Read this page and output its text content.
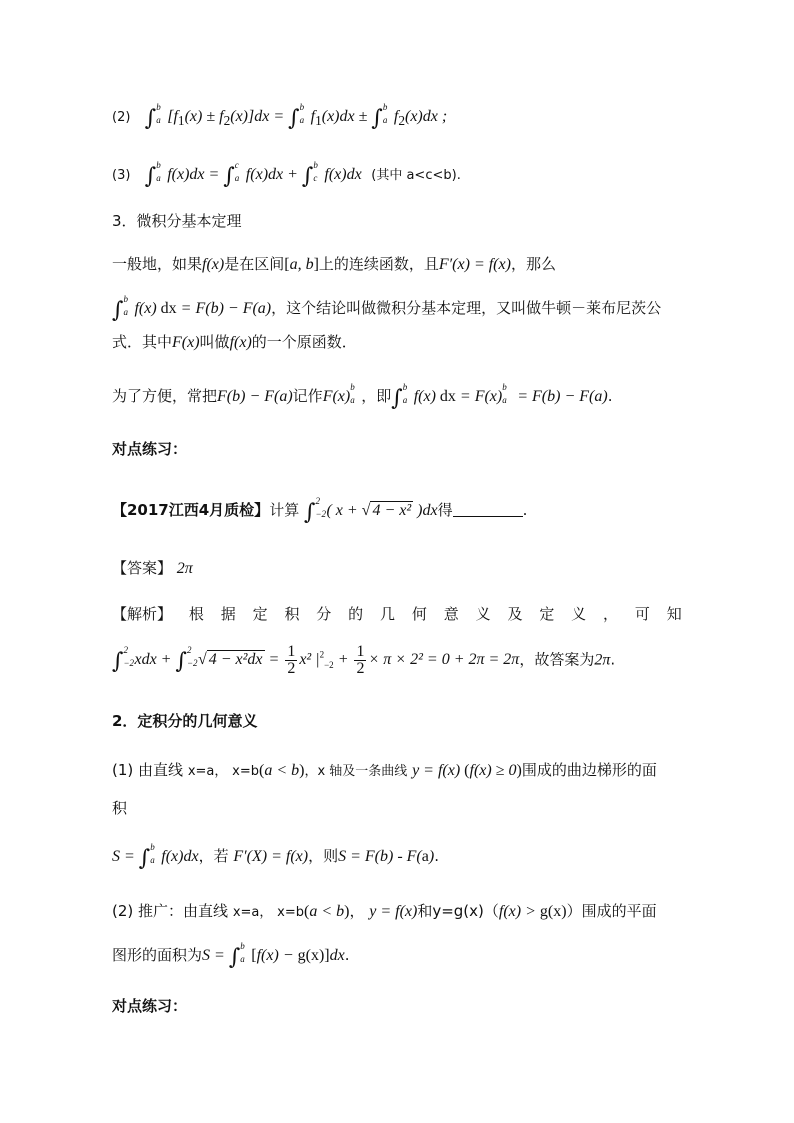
(2) ∫ b
a $[f_1(x) \pm f_2(x)]dx$ = ∫ b
a $f_1(x)dx$ ± ∫ b
a $f_2(x)dx$ ;
(3) ∫ b
a f(x)dx = ∫ c
a f(x)dx + ∫ b
c f(x)dx (其中 a<c<b).
3．微积分基本定理
一般地，如果f(x)是在区间[a, b]上的连续函数，且F′(x) = f(x)，那么
∫ b
a f(x) dx = F(b) − F(a)，这个结论叫做微积分基本定理，又叫做牛顿－莱布尼茨公
式．其中F(x)叫做f(x)的一个原函数．
为了方便，常把F(b) − F(a)记作F(x)
b
a ，即∫ b
a f(x) dx = F(x)
b
a = F(b) − F(a).
对点练习：
【2017江西4月质检】计算 ∫ 2
−2 ( x + √ 4 − x² )dx得	.
【答案】 2π
【解析】 根 据 定 积 分 的 几 何 意 义 及 定 义 ， 可 知
∫ 2
−2 xdx + ∫ 2
−2 √ $4 - x^2dx = \frac{1}{2} x^2$ $|^2_{-2} + \frac{1}{2} \times \pi \times 2^2 = 0 + 2\pi = 2\pi$，故答案为2π.
2．定积分的几何意义
(1) 由直线 x=a， x=b(a < b)，x 轴及一条曲线 y = f(x) (f(x) ≥ 0)围成的曲边梯形的面
积
S = ∫ b
a f(x)dx，若 F′(X) = f(x)，则S = F(b) - F(a).
(2) 推广：由直线 x=a， x=b(a < b)， y = f(x)和y=g(x)（f(x) > g(x)）围成的平面
图形的面积为S = ∫ b
a [f(x) − g(x)]dx.
对点练习：
